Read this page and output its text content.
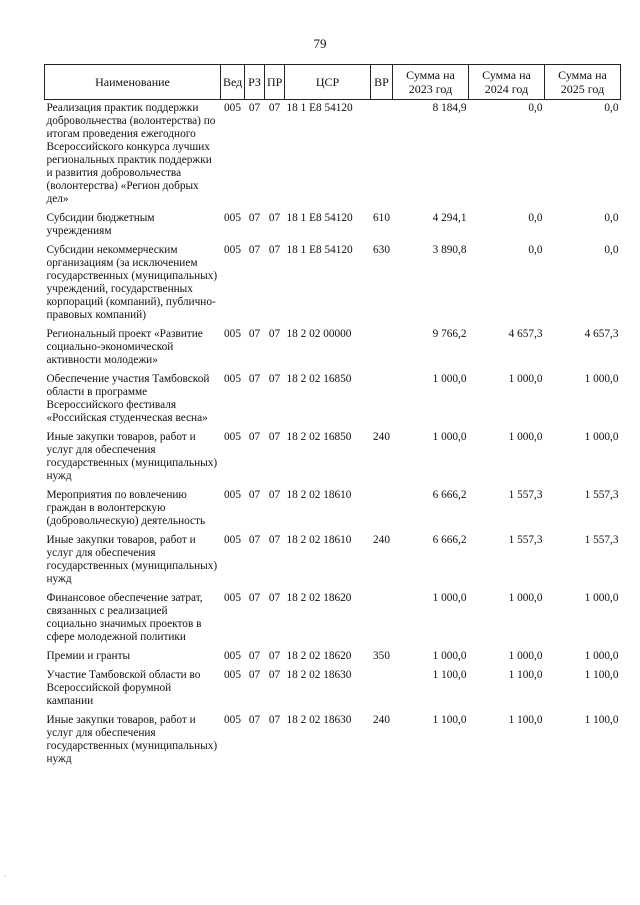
79
Наименование	Вед	РЗ	ПР	ЦСР	ВР	Сумма на 2023 год	Сумма на 2024 год	Сумма на 2025 год
Реализация практик поддержки добровольчества (волонтерства) по итогам проведения ежегодного Всероссийского конкурса лучших региональных практик поддержки и развития добровольчества (волонтерства) «Регион добрых дел»	005	07	07	18 1 E8 54120		8 184,9	0,0	0,0
Субсидии бюджетным учреждениям	005	07	07	18 1 E8 54120	610	4 294,1	0,0	0,0
Субсидии некоммерческим организациям (за исключением государственных (муниципальных) учреждений, государственных корпораций (компаний), публично-правовых компаний)	005	07	07	18 1 E8 54120	630	3 890,8	0,0	0,0
Региональный проект «Развитие социально-экономической активности молодежи»	005	07	07	18 2 02 00000		9 766,2	4 657,3	4 657,3
Обеспечение участия Тамбовской области в программе Всероссийского фестиваля «Российская студенческая весна»	005	07	07	18 2 02 16850		1 000,0	1 000,0	1 000,0
Иные закупки товаров, работ и услуг для обеспечения государственных (муниципальных) нужд	005	07	07	18 2 02 16850	240	1 000,0	1 000,0	1 000,0
Мероприятия по вовлечению граждан в волонтерскую (добровольческую) деятельность	005	07	07	18 2 02 18610		6 666,2	1 557,3	1 557,3
Иные закупки товаров, работ и услуг для обеспечения государственных (муниципальных) нужд	005	07	07	18 2 02 18610	240	6 666,2	1 557,3	1 557,3
Финансовое обеспечение затрат, связанных с реализацией социально значимых проектов в сфере молодежной политики	005	07	07	18 2 02 18620		1 000,0	1 000,0	1 000,0
Премии и гранты	005	07	07	18 2 02 18620	350	1 000,0	1 000,0	1 000,0
Участие Тамбовской области во Всероссийской форумной кампании	005	07	07	18 2 02 18630		1 100,0	1 100,0	1 100,0
Иные закупки товаров, работ и услуг для обеспечения государственных (муниципальных) нужд	005	07	07	18 2 02 18630	240	1 100,0	1 100,0	1 100,0
·
